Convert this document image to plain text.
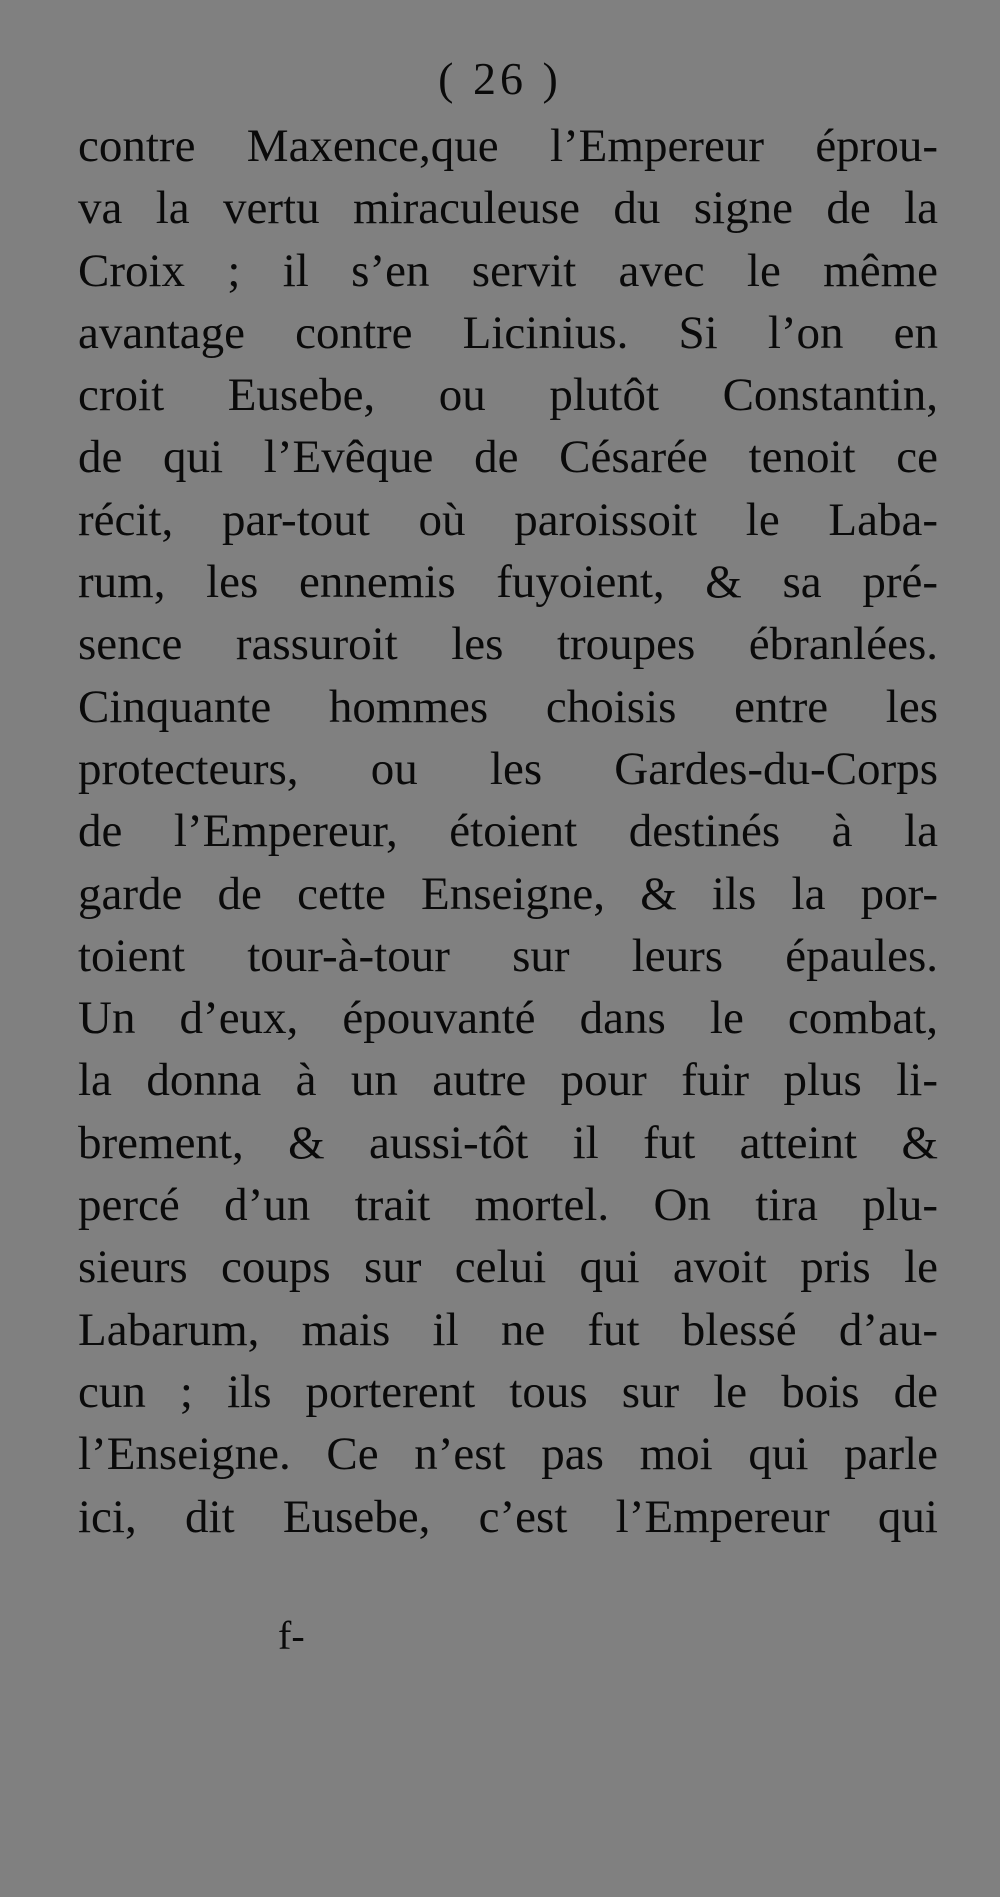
( 26 )
contre Maxence,que l’Empereur éprou-
va la vertu miraculeuse du signe de la
Croix ; il s’en servit avec le même
avantage contre Licinius. Si l’on en
croit Eusebe, ou plutôt Constantin,
de qui l’Evêque de Césarée tenoit ce
récit, par-tout où paroissoit le Laba-
rum, les ennemis fuyoient, & sa pré-
sence rassuroit les troupes ébranlées.
Cinquante hommes choisis entre les
protecteurs, ou les Gardes-du-Corps
de l’Empereur, étoient destinés à la
garde de cette Enseigne, & ils la por-
toient tour-à-tour sur leurs épaules.
Un d’eux, épouvanté dans le combat,
la donna à un autre pour fuir plus li-
brement, & aussi-tôt il fut atteint &
percé d’un trait mortel. On tira plu-
sieurs coups sur celui qui avoit pris le
Labarum, mais il ne fut blessé d’au-
cun ; ils porterent tous sur le bois de
l’Enseigne. Ce n’est pas moi qui parle
ici, dit Eusebe, c’est l’Empereur qui
f-
